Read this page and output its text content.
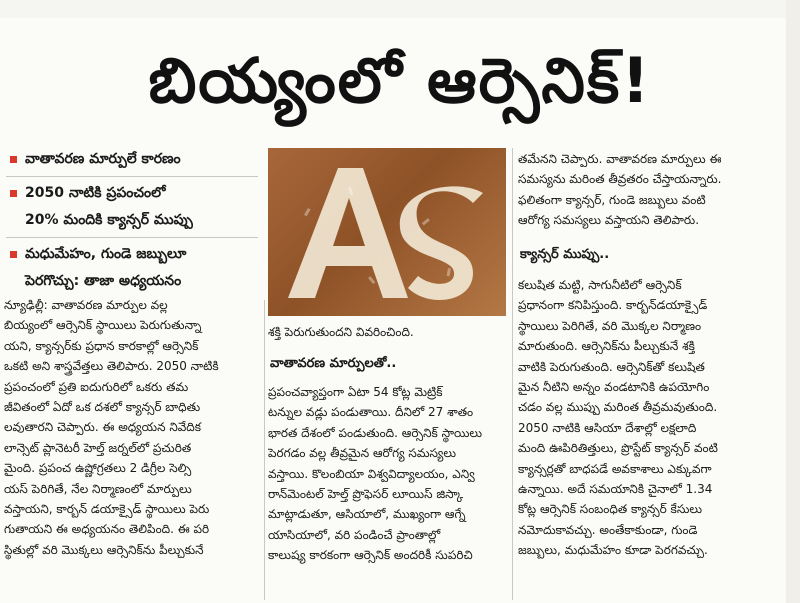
బియ్యంలో ఆర్సెనిక్!
వాతావరణ మార్పులే కారణం
2050 నాటికి ప్రపంచంలో
20% మందికి క్యాన్సర్ ముప్పు
మధుమేహం, గుండె జబ్బులూ
పెరగొచ్చు: తాజా అధ్యయనం
న్యూఢిల్లీ: వాతావరణ మార్పుల వల్ల
బియ్యంలో ఆర్సెనిక్ స్థాయిలు పెరుగుతున్నా
యని, క్యాన్సర్‌కు ప్రధాన కారకాల్లో ఆర్సెనిక్
ఒకటి అని శాస్త్రవేత్తలు తెలిపారు. 2050 నాటికి
ప్రపంచంలో ప్రతి ఐదుగురిలో ఒకరు తమ
జీవితంలో ఏదో ఒక దశలో క్యాన్సర్ బాధితు
లవుతారని చెప్పారు. ఈ అధ్యయన నివేదిక
లాన్సెట్ ప్లానెటరీ హెల్త్ జర్నల్‌లో ప్రచురిత
మైంది. ప్రపంచ ఉష్ణోగ్రతలు 2 డిగ్రీల సెల్సి
యస్ పెరిగితే, నేల నిర్మాణంలో మార్పులు
వస్తాయని, కార్బన్ డయాక్సైడ్ స్థాయిలు పెరు
గుతాయని ఈ అధ్యయనం తెలిపింది. ఈ పరి
స్థితుల్లో వరి మొక్కలు ఆర్సెనిక్‌ను పీల్చుకునే
శక్తి పెరుగుతుందని వివరించింది.
వాతావరణ మార్పులతో..
ప్రపంచవ్యాప్తంగా ఏటా 54 కోట్ల మెట్రిక్
టన్నుల వడ్లు పండుతాయి. దీనిలో 27 శాతం
భారత దేశంలో పండుతుంది. ఆర్సెనిక్ స్థాయిలు
పెరగడం వల్ల తీవ్రమైన ఆరోగ్య సమస్యలు
వస్తాయి. కొలంబియా విశ్వవిద్యాలయం, ఎన్వి
రాన్‌మెంటల్ హెల్త్ ప్రొఫెసర్ లూయిస్ జిస్కా
మాట్లాడుతూ, ఆసియాలో, ముఖ్యంగా ఆగ్నే
యాసియాలో, వరి పండించే ప్రాంతాల్లో
కాలుష్య కారకంగా ఆర్సెనిక్ అందరికీ సుపరిచి
తమేనని చెప్పారు. వాతావరణ మార్పులు ఈ
సమస్యను మరింత తీవ్రతరం చేస్తాయన్నారు.
ఫలితంగా క్యాన్సర్, గుండె జబ్బులు వంటి
ఆరోగ్య సమస్యలు వస్తాయని తెలిపారు.
క్యాన్సర్ ముప్పు..
కలుషిత మట్టి, సాగునీటిలో ఆర్సెనిక్
ప్రధానంగా కనిపిస్తుంది. కార్బన్‌డయాక్సైడ్
స్థాయిలు పెరిగితే, వరి మొక్కల నిర్మాణం
మారుతుంది. ఆర్సెనిక్‌ను పీల్చుకునే శక్తి
వాటికి పెరుగుతుంది. ఆర్సెనిక్‌తో కలుషిత
మైన నీటిని అన్నం వండటానికి ఉపయోగిం
చడం వల్ల ముప్పు మరింత తీవ్రమవుతుంది.
2050 నాటికి ఆసియా దేశాల్లో లక్షలాది
మంది ఊపిరితిత్తులు, ప్రొస్టేట్ క్యాన్సర్ వంటి
క్యాన్సర్లతో బాధపడే అవకాశాలు ఎక్కువగా
ఉన్నాయి. అదే సమయానికి చైనాలో 1.34
కోట్ల ఆర్సెనిక్ సంబంధిత క్యాన్సర్ కేసులు
నమోదుకావచ్చు. అంతేకాకుండా, గుండె
జబ్బులు, మధుమేహం కూడా పెరగవచ్చు.
